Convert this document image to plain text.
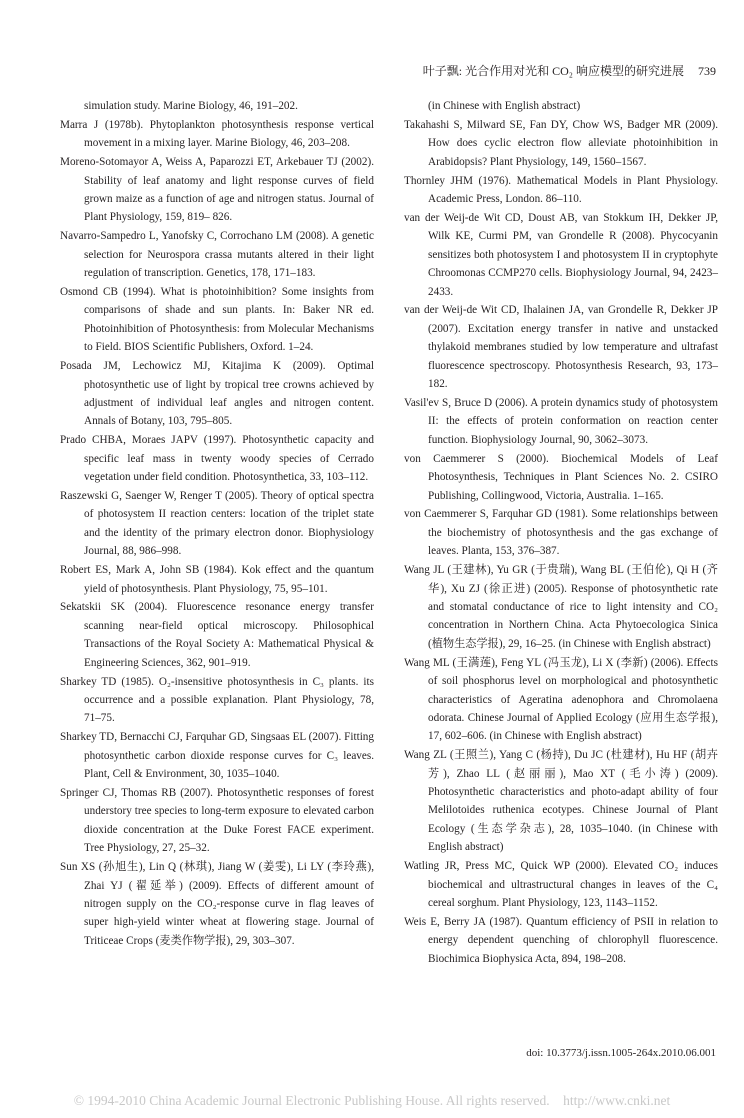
叶子飘: 光合作用对光和 CO₂ 响应模型的研究进展 739

simulation study. Marine Biology, 46, 191–202.

Marra J (1978b). Phytoplankton photosynthesis response vertical movement in a mixing layer. Marine Biology, 46, 203–208.

Moreno-Sotomayor A, Weiss A, Paparozzi ET, Arkebauer TJ (2002). Stability of leaf anatomy and light response curves of field grown maize as a function of age and nitrogen status. Journal of Plant Physiology, 159, 819– 826.

Navarro-Sampedro L, Yanofsky C, Corrochano LM (2008). A genetic selection for Neurospora crassa mutants altered in their light regulation of transcription. Genetics, 178, 171–183.

Osmond CB (1994). What is photoinhibition? Some insights from comparisons of shade and sun plants. In: Baker NR ed. Photoinhibition of Photosynthesis: from Molecular Mechanisms to Field. BIOS Scientific Publishers, Oxford. 1–24.

Posada JM, Lechowicz MJ, Kitajima K (2009). Optimal photosynthetic use of light by tropical tree crowns achieved by adjustment of individual leaf angles and nitrogen content. Annals of Botany, 103, 795–805.

Prado CHBA, Moraes JAPV (1997). Photosynthetic capacity and specific leaf mass in twenty woody species of Cerrado vegetation under field condition. Photosynthetica, 33, 103–112.

Raszewski G, Saenger W, Renger T (2005). Theory of optical spectra of photosystem II reaction centers: location of the triplet state and the identity of the primary electron donor. Biophysiology Journal, 88, 986–998.

Robert ES, Mark A, John SB (1984). Kok effect and the quantum yield of photosynthesis. Plant Physiology, 75, 95–101.

Sekatskii SK (2004). Fluorescence resonance energy transfer scanning near-field optical microscopy. Philosophical Transactions of the Royal Society A: Mathematical Physical & Engineering Sciences, 362, 901–919.

Sharkey TD (1985). O₂-insensitive photosynthesis in C₃ plants. its occurrence and a possible explanation. Plant Physiology, 78, 71–75.

Sharkey TD, Bernacchi CJ, Farquhar GD, Singsaas EL (2007). Fitting photosynthetic carbon dioxide response curves for C₃ leaves. Plant, Cell & Environment, 30, 1035–1040.

Springer CJ, Thomas RB (2007). Photosynthetic responses of forest understory tree species to long-term exposure to elevated carbon dioxide concentration at the Duke Forest FACE experiment. Tree Physiology, 27, 25–32.

Sun XS (孙旭生), Lin Q (林琪), Jiang W (姜雯), Li LY (李玲燕), Zhai YJ (翟延举) (2009). Effects of different amount of nitrogen supply on the CO₂-response curve in flag leaves of super high-yield winter wheat at flowering stage. Journal of Triticeae Crops (麦类作物学报), 29, 303–307.

(in Chinese with English abstract)

Takahashi S, Milward SE, Fan DY, Chow WS, Badger MR (2009). How does cyclic electron flow alleviate photoinhibition in Arabidopsis? Plant Physiology, 149, 1560–1567.

Thornley JHM (1976). Mathematical Models in Plant Physiology. Academic Press, London. 86–110.

van der Weij-de Wit CD, Doust AB, van Stokkum IH, Dekker JP, Wilk KE, Curmi PM, van Grondelle R (2008). Phycocyanin sensitizes both photosystem I and photosystem II in cryptophyte Chroomonas CCMP270 cells. Biophysiology Journal, 94, 2423–2433.

van der Weij-de Wit CD, Ihalainen JA, van Grondelle R, Dekker JP (2007). Excitation energy transfer in native and unstacked thylakoid membranes studied by low temperature and ultrafast fluorescence spectroscopy. Photosynthesis Research, 93, 173–182.

Vasil'ev S, Bruce D (2006). A protein dynamics study of photosystem II: the effects of protein conformation on reaction center function. Biophysiology Journal, 90, 3062–3073.

von Caemmerer S (2000). Biochemical Models of Leaf Photosynthesis, Techniques in Plant Sciences No. 2. CSIRO Publishing, Collingwood, Victoria, Australia. 1–165.

von Caemmerer S, Farquhar GD (1981). Some relationships between the biochemistry of photosynthesis and the gas exchange of leaves. Planta, 153, 376–387.

Wang JL (王建林), Yu GR (于贵瑞), Wang BL (王伯伦), Qi H (齐华), Xu ZJ (徐正进) (2005). Response of photosynthetic rate and stomatal conductance of rice to light intensity and CO₂ concentration in Northern China. Acta Phytoecologica Sinica (植物生态学报), 29, 16–25. (in Chinese with English abstract)

Wang ML (王满莲), Feng YL (冯玉龙), Li X (李新) (2006). Effects of soil phosphorus level on morphological and photosynthetic characteristics of Ageratina adenophora and Chromolaena odorata. Chinese Journal of Applied Ecology (应用生态学报), 17, 602–606. (in Chinese with English abstract)

Wang ZL (王照兰), Yang C (杨持), Du JC (杜建材), Hu HF (胡卉芳), Zhao LL (赵丽丽), Mao XT (毛小涛) (2009). Photosynthetic characteristics and photo-adapt ability of four Melilotoides ruthenica ecotypes. Chinese Journal of Plant Ecology (生态学杂志), 28, 1035–1040. (in Chinese with English abstract)

Watling JR, Press MC, Quick WP (2000). Elevated CO₂ induces biochemical and ultrastructural changes in leaves of the C₄ cereal sorghum. Plant Physiology, 123, 1143–1152.

Weis E, Berry JA (1987). Quantum efficiency of PSII in relation to energy dependent quenching of chlorophyll fluorescence. Biochimica Biophysica Acta, 894, 198–208.

doi: 10.3773/j.issn.1005-264x.2010.06.001
© 1994-2010 China Academic Journal Electronic Publishing House. All rights reserved.    http://www.cnki.net
